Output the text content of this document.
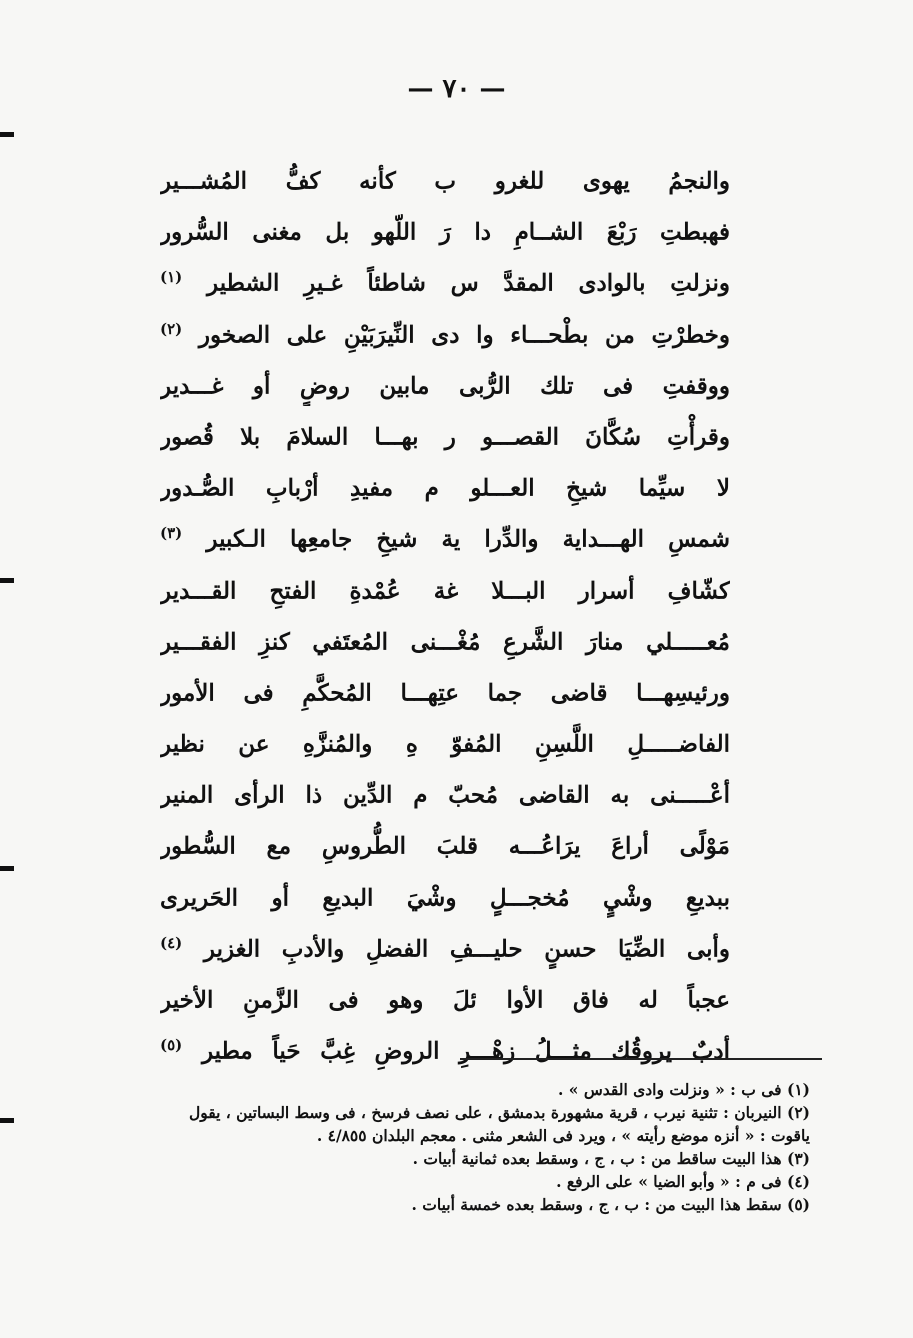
— ٧٠ —
والنجمُ يهوى للغرو ب كأنه كفُّ المُشـــير
فهبطتِ رَبْعَ الشــامِ دا رَ اللّهو بل مغنى السُّرور
ونزلتِ بالوادى المقدَّ س شاطئاً غـيرِ الشطير $^{(١)}$
وخطرْتِ من بطْحـــاء وا دى النِّيرَبَيْنِ على الصخور $^{(٢)}$
ووقفتِ فى تلك الرُّبى مابين روضٍ أو غـــدير
وقرأْتِ سُكَّانَ القصـــو ر بهـــا السلامَ بلا قُصور
لا سيِّما شيخِ العـــلو م مفيدِ أرْبابِ الصُّـدور
شمسِ الهـــداية والدِّرا ية شيخِ جامعِها الـكبير $^{(٣)}$
كشّافِ أسرار البـــلا غة عُمْدةِ الفتحِ القـــدير
مُعـــــلي منارَ الشَّرعِ مُغْـــنى المُعتَفي كنزِ الفقـــير
ورئيسِهـــا قاضى جما عتِهـــا المُحكَّمِ فى الأمور
الفاضـــــلِ اللَّسِنِ المُفوّ هِ والمُنزَّهِ عن نظير
أعْـــــنى به القاضى مُحبّ م الدِّين ذا الرأى المنير
مَوْلًى أراعَ يرَاعُـــه قلبَ الطُّروسِ مع السُّطور
ببديعِ وشْيٍ مُخجـــلٍ وشْيَ البديعِ أو الحَريرى
وأبى الضِّيَا حسنٍ حليـــفِ الفضلِ والأدبِ الغزير $^{(٤)}$
عجباً له فاق الأوا ئلَ وهو فى الزَّمنِ الأخير
أدبٌ يروقُك مثـــلُ زهْـــرِ الروضِ غِبَّ حَياً مطير $^{(٥)}$
(١) فى ب : « ونزلت وادى القدس » .
(٢) النيربان : تثنية نيرب ، قرية مشهورة بدمشق ، على نصف فرسخ ، فى وسط البساتين ، يقول
ياقوت : « أنزه موضع رأيته » ، ويرد فى الشعر مثنى . معجم البلدان ٤/٨٥٥ .
(٣) هذا البيت ساقط من : ب ، ج ، وسقط بعده ثمانية أبيات .
(٤) فى م : « وأبو الضيا » على الرفع .
(٥) سقط هذا البيت من : ب ، ج ، وسقط بعده خمسة أبيات .
